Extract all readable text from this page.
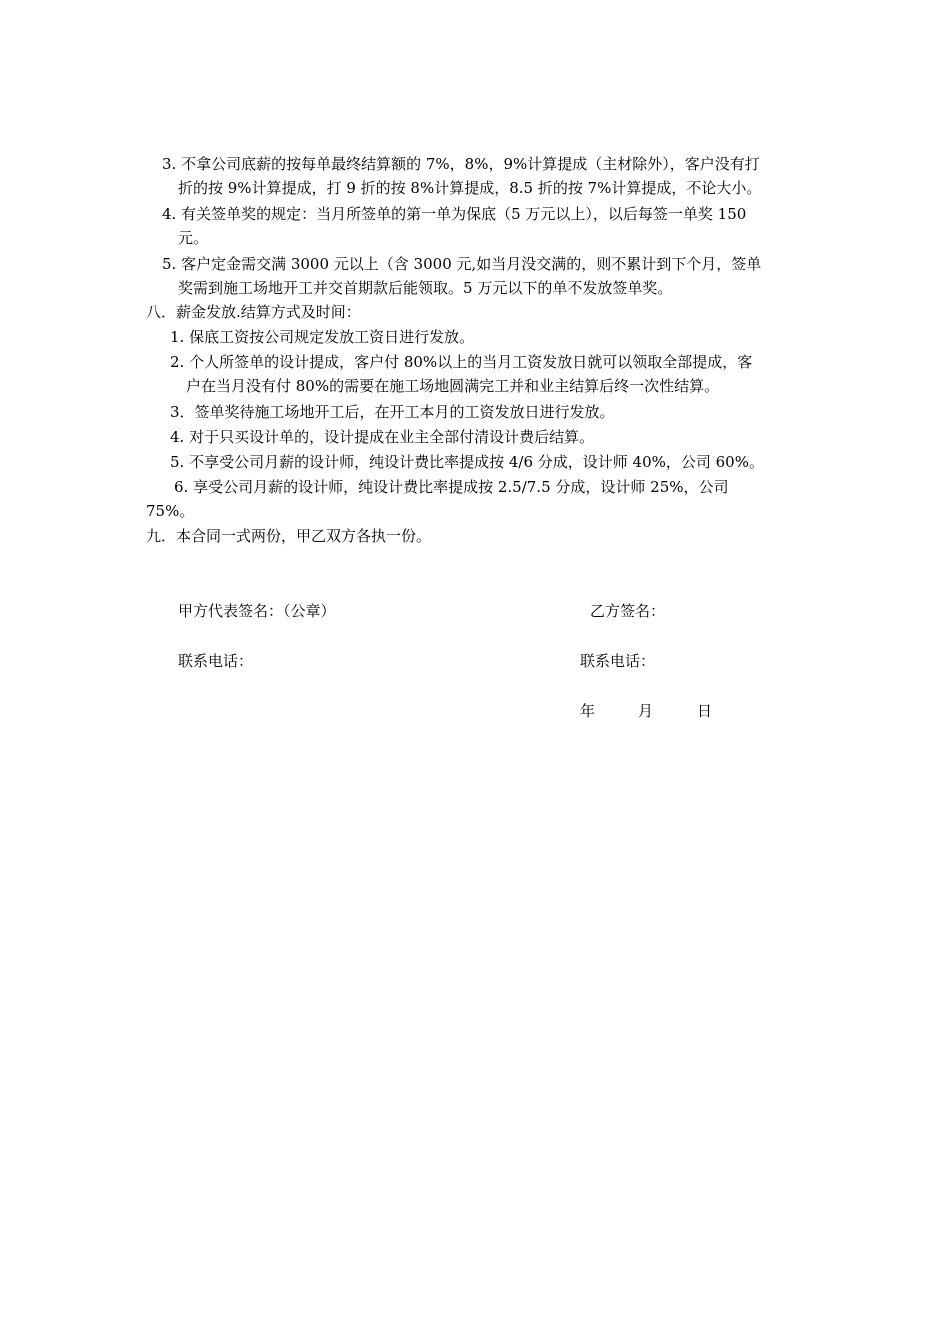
3. 不拿公司底薪的按每单最终结算额的 7%，8%，9%计算提成（主材除外），客户没有打
折的按 9%计算提成，打 9 折的按 8%计算提成，8.5 折的按 7%计算提成，不论大小。
4. 有关签单奖的规定：当月所签单的第一单为保底（5 万元以上），以后每签一单奖 150
元。
5. 客户定金需交满 3000 元以上（含 3000 元,如当月没交满的，则不累计到下个月，签单
奖需到施工场地开工并交首期款后能领取。5 万元以下的单不发放签单奖。
八．薪金发放.结算方式及时间：
1. 保底工资按公司规定发放工资日进行发放。
2. 个人所签单的设计提成，客户付 80%以上的当月工资发放日就可以领取全部提成，客
户在当月没有付 80%的需要在施工场地圆满完工并和业主结算后终一次性结算。
3．签单奖待施工场地开工后，在开工本月的工资发放日进行发放。
4. 对于只买设计单的，设计提成在业主全部付清设计费后结算。
5. 不享受公司月薪的设计师，纯设计费比率提成按 4/6 分成，设计师 40%，公司 60%。
6. 享受公司月薪的设计师，纯设计费比率提成按 2.5/7.5 分成，设计师 25%，公司
75%。
九．本合同一式两份，甲乙双方各执一份。
甲方代表签名：（公章）	乙方签名：
联系电话：	联系电话：
年	月	日
